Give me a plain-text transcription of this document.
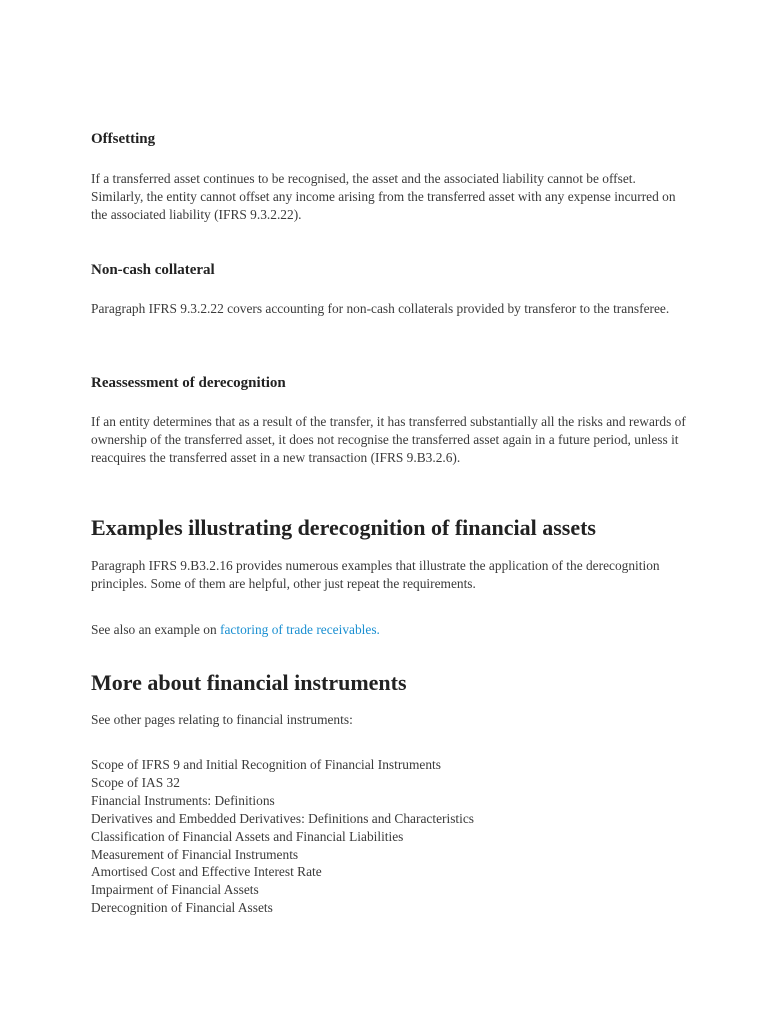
Offsetting
If a transferred asset continues to be recognised, the asset and the associated liability cannot be offset. Similarly, the entity cannot offset any income arising from the transferred asset with any expense incurred on the associated liability (IFRS 9.3.2.22).
Non-cash collateral
Paragraph IFRS 9.3.2.22 covers accounting for non-cash collaterals provided by transferor to the transferee.
Reassessment of derecognition
If an entity determines that as a result of the transfer, it has transferred substantially all the risks and rewards of ownership of the transferred asset, it does not recognise the transferred asset again in a future period, unless it reacquires the transferred asset in a new transaction (IFRS 9.B3.2.6).
Examples illustrating derecognition of financial assets
Paragraph IFRS 9.B3.2.16 provides numerous examples that illustrate the application of the derecognition principles. Some of them are helpful, other just repeat the requirements.
See also an example on factoring of trade receivables.
More about financial instruments
See other pages relating to financial instruments:
Scope of IFRS 9 and Initial Recognition of Financial Instruments
Scope of IAS 32
Financial Instruments: Definitions
Derivatives and Embedded Derivatives: Definitions and Characteristics
Classification of Financial Assets and Financial Liabilities
Measurement of Financial Instruments
Amortised Cost and Effective Interest Rate
Impairment of Financial Assets
Derecognition of Financial Assets
